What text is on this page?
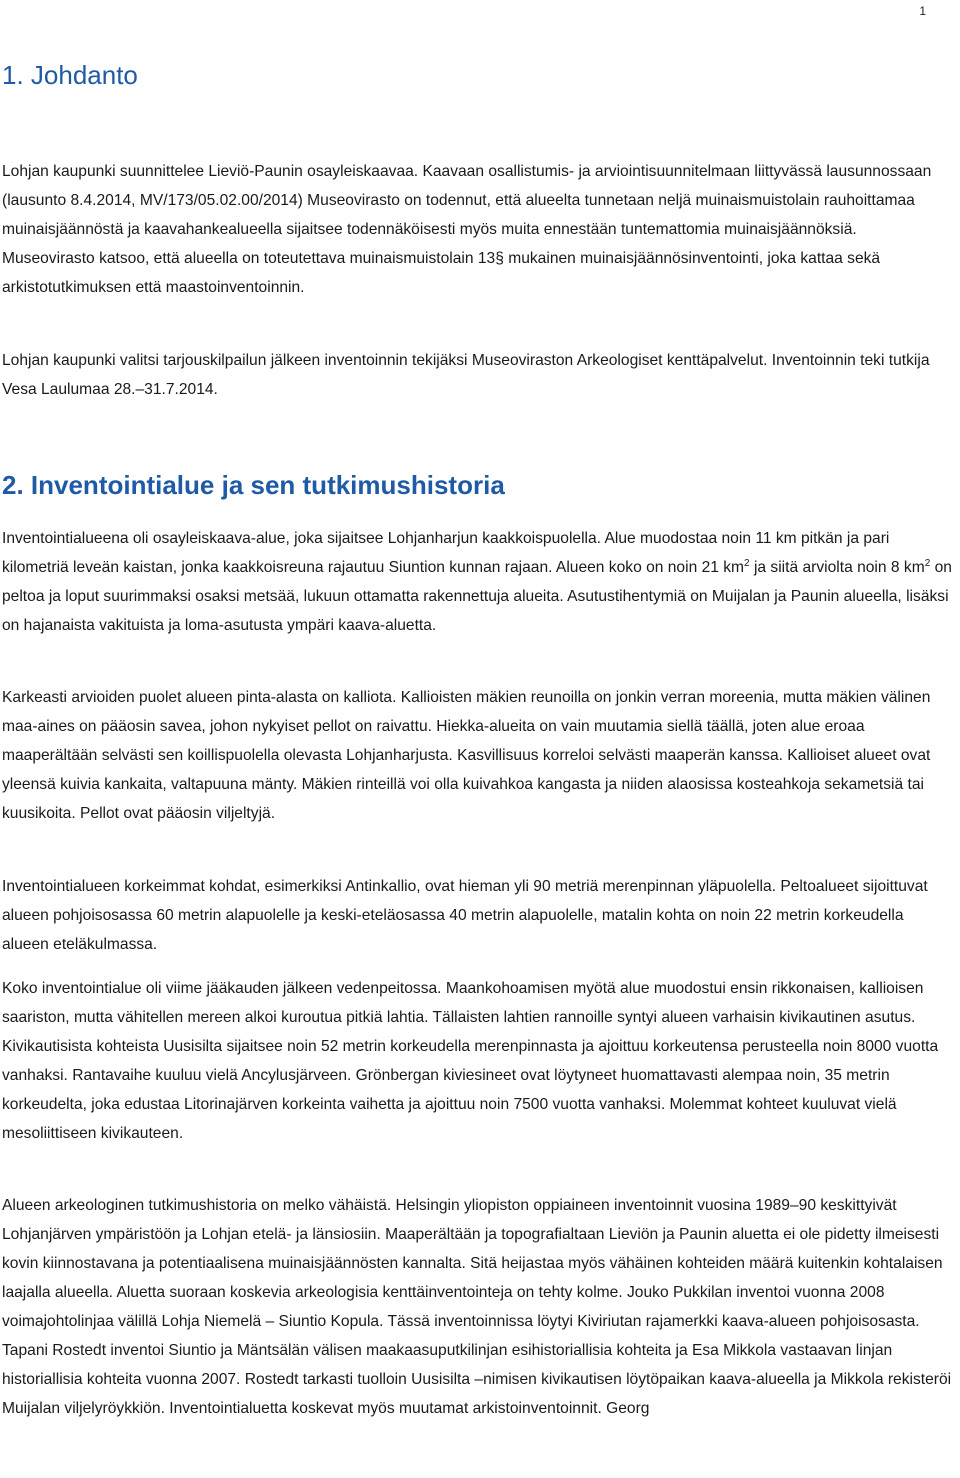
1
1. Johdanto

Lohjan kaupunki suunnittelee Lieviö-Paunin osayleiskaavaa. Kaavaan osallistumis- ja arviointisuunnitelmaan liittyvässä lausunnossaan (lausunto 8.4.2014, MV/173/05.02.00/2014) Museovirasto on todennut, että alueelta tunnetaan neljä muinaismuistolain rauhoittamaa muinaisjäännöstä ja kaavahankealueella sijaitsee todennäköisesti myös muita ennestään tuntemattomia muinaisjäännöksiä. Museovirasto katsoo, että alueella on toteutettava muinaismuistolain 13§ mukainen muinaisjäännösinventointi, joka kattaa sekä arkistotutkimuksen että maastoinventoinnin.

Lohjan kaupunki valitsi tarjouskilpailun jälkeen inventoinnin tekijäksi Museoviraston Arkeologiset kenttäpalvelut. Inventoinnin teki tutkija Vesa Laulumaa 28.–31.7.2014.

2. Inventointialue ja sen tutkimushistoria

Inventointialueena oli osayleiskaava-alue, joka sijaitsee Lohjanharjun kaakkoispuolella. Alue muodostaa noin 11 km pitkän ja pari kilometriä leveän kaistan, jonka kaakkoisreuna rajautuu Siuntion kunnan rajaan. Alueen koko on noin 21 $km^2$ ja siitä arviolta noin 8 $km^2$ on peltoa ja loput suurimmaksi osaksi metsää, lukuun ottamatta rakennettuja alueita. Asutustihentymiä on Muijalan ja Paunin alueella, lisäksi on hajanaista vakituista ja loma-asutusta ympäri kaava-aluetta.

Karkeasti arvioiden puolet alueen pinta-alasta on kalliota. Kallioisten mäkien reunoilla on jonkin verran moreenia, mutta mäkien välinen maa-aines on pääosin savea, johon nykyiset pellot on raivattu. Hiekka-alueita on vain muutamia siellä täällä, joten alue eroaa maaperältään selvästi sen koillispuolella olevasta Lohjanharjusta. Kasvillisuus korreloi selvästi maaperän kanssa. Kallioiset alueet ovat yleensä kuivia kankaita, valtapuuna mänty. Mäkien rinteillä voi olla kuivahkoa kangasta ja niiden alaosissa kosteahkoja sekametsiä tai kuusikoita. Pellot ovat pääosin viljeltyjä.

Inventointialueen korkeimmat kohdat, esimerkiksi Antinkallio, ovat hieman yli 90 metriä merenpinnan yläpuolella. Peltoalueet sijoittuvat alueen pohjoisosassa 60 metrin alapuolelle ja keski-eteläosassa 40 metrin alapuolelle, matalin kohta on noin 22 metrin korkeudella alueen eteläkulmassa.

Koko inventointialue oli viime jääkauden jälkeen vedenpeitossa. Maankohoamisen myötä alue muodostui ensin rikkonaisen, kallioisen saariston, mutta vähitellen mereen alkoi kuroutua pitkiä lahtia. Tällaisten lahtien rannoille syntyi alueen varhaisin kivikautinen asutus. Kivikautisista kohteista Uusisilta sijaitsee noin 52 metrin korkeudella merenpinnasta ja ajoittuu korkeutensa perusteella noin 8000 vuotta vanhaksi. Rantavaihe kuuluu vielä Ancylusjärveen. Grönbergan kiviesineet ovat löytyneet huomattavasti alempaa noin, 35 metrin korkeudelta, joka edustaa Litorinajärven korkeinta vaihetta ja ajoittuu noin 7500 vuotta vanhaksi. Molemmat kohteet kuuluvat vielä mesoliittiseen kivikauteen.

Alueen arkeologinen tutkimushistoria on melko vähäistä. Helsingin yliopiston oppiaineen inventoinnit vuosina 1989–90 keskittyivät Lohjanjärven ympäristöön ja Lohjan etelä- ja länsiosiin. Maaperältään ja topografialtaan Lieviön ja Paunin aluetta ei ole pidetty ilmeisesti kovin kiinnostavana ja potentiaalisena muinaisjäännösten kannalta. Sitä heijastaa myös vähäinen kohteiden määrä kuitenkin kohtalaisen laajalla alueella. Aluetta suoraan koskevia arkeologisia kenttäinventointeja on tehty kolme. Jouko Pukkilan inventoi vuonna 2008 voimajohtolinjaa välillä Lohja Niemelä – Siuntio Kopula. Tässä inventoinnissa löytyi Kiviriutan rajamerkki kaava-alueen pohjoisosasta. Tapani Rostedt inventoi Siuntio ja Mäntsälän välisen maakaasuputkilinjan esihistoriallisia kohteita ja Esa Mikkola vastaavan linjan historiallisia kohteita vuonna 2007. Rostedt tarkasti tuolloin Uusisilta –nimisen kivikautisen löytöpaikan kaava-alueella ja Mikkola rekisteröi Muijalan viljelyröykkiön. Inventointialuetta koskevat myös muutamat arkistoinventoinnit. Georg
